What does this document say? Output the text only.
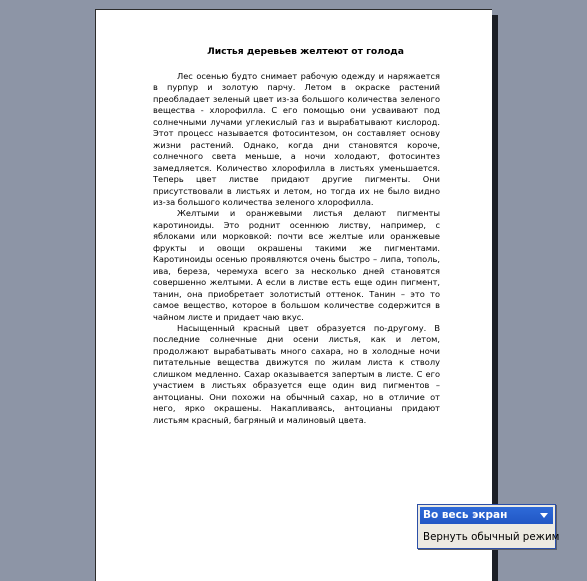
Листья деревьев желтеют от голода

Лес осенью будто снимает рабочую одежду и наряжается в пурпур и золотую парчу. Летом в окраске растений преобладает зеленый цвет из-за большого количества зеленого вещества - хлорофилла. С его помощью они усваивают под солнечными лучами углекислый газ и вырабатывают кислород. Этот процесс называется фотосинтезом, он составляет основу жизни растений. Однако, когда дни становятся короче, солнечного света меньше, а ночи холодают, фотосинтез замедляется. Количество хлорофилла в листьях уменьшается. Теперь цвет листве придают другие пигменты. Они присутствовали в листьях и летом, но тогда их не было видно из-за большого количества зеленого хлорофилла.

Желтыми и оранжевыми листья делают пигменты каротиноиды. Это роднит осеннюю листву, например, с яблоками или морковкой: почти все желтые или оранжевые фрукты и овощи окрашены такими же пигментами. Каротиноиды осенью проявляются очень быстро – липа, тополь, ива, береза, черемуха всего за несколько дней становятся совершенно желтыми. А если в листве есть еще один пигмент, танин, она приобретает золотистый оттенок. Танин – это то самое вещество, которое в большом количестве содержится в чайном листе и придает чаю вкус.

Насыщенный красный цвет образуется по-другому. В последние солнечные дни осени листья, как и летом, продолжают вырабатывать много сахара, но в холодные ночи питательные вещества движутся по жилам листа к стволу слишком медленно. Сахар оказывается запертым в листе. С его участием в листьях образуется еще один вид пигментов – антоцианы. Они похожи на обычный сахар, но в отличие от него, ярко окрашены. Накапливаясь, антоцианы придают листьям красный, багряный и малиновый цвета.

Во весь экран
Вернуть обычный режим
